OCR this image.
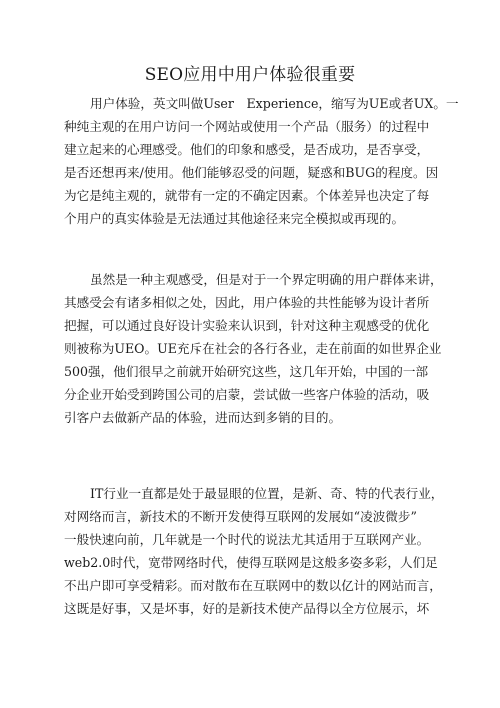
SEO应用中用户体验很重要
用户体验，英文叫做User　Experience，缩写为UE或者UX。一
种纯主观的在用户访问一个网站或使用一个产品（服务）的过程中
建立起来的心理感受。他们的印象和感受，是否成功，是否享受，
是否还想再来/使用。他们能够忍受的问题，疑惑和BUG的程度。因
为它是纯主观的，就带有一定的不确定因素。个体差异也决定了每
个用户的真实体验是无法通过其他途径来完全模拟或再现的。
虽然是一种主观感受，但是对于一个界定明确的用户群体来讲，
其感受会有诸多相似之处，因此，用户体验的共性能够为设计者所
把握，可以通过良好设计实验来认识到，针对这种主观感受的优化
则被称为UEO。UE充斥在社会的各行各业，走在前面的如世界企业
500强，他们很早之前就开始研究这些，这几年开始，中国的一部
分企业开始受到跨国公司的启蒙，尝试做一些客户体验的活动，吸
引客户去做新产品的体验，进而达到多销的目的。
IT行业一直都是处于最显眼的位置，是新、奇、特的代表行业，
对网络而言，新技术的不断开发使得互联网的发展如“凌波微步”
一般快速向前，几年就是一个时代的说法尤其适用于互联网产业。
web2.0时代，宽带网络时代，使得互联网是这般多姿多彩，人们足
不出户即可享受精彩。而对散布在互联网中的数以亿计的网站而言，
这既是好事，又是坏事，好的是新技术使产品得以全方位展示，坏
